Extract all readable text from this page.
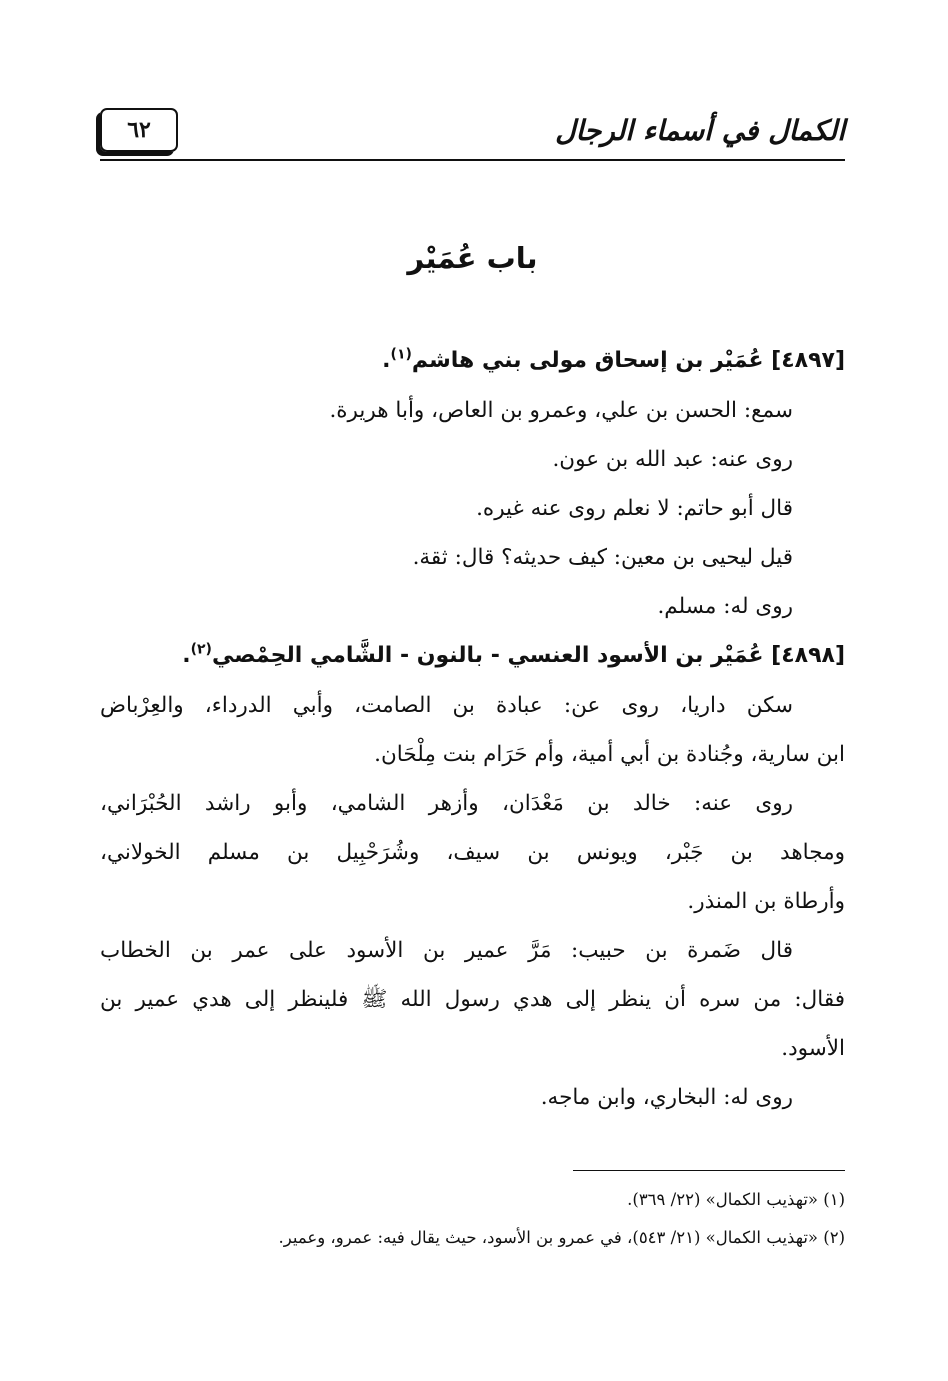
٦٢	الكمال في أسماء الرجال
باب عُمَيْر

[٤٨٩٧] عُمَيْر بن إسحاق مولى بني هاشم$^{(١)}$.

سمع: الحسن بن علي، وعمرو بن العاص، وأبا هريرة.

روى عنه: عبد الله بن عون.

قال أبو حاتم: لا نعلم روى عنه غيره.

قيل ليحيى بن معين: كيف حديثه؟ قال: ثقة.

روى له: مسلم.

[٤٨٩٨] عُمَيْر بن الأسود العنسي - بالنون - الشَّامي الحِمْصي$^{(٢)}$.

سكن داريا، روى عن: عبادة بن الصامت، وأبي الدرداء، والعِرْباض

ابن سارية، وجُنادة بن أبي أمية، وأم حَرَام بنت مِلْحَان.

روى عنه: خالد بن مَعْدَان، وأزهر الشامي، وأبو راشد الحُبْرَاني،

ومجاهد بن جَبْر، ويونس بن سيف، وشُرَحْبِيل بن مسلم الخولاني،

وأرطاة بن المنذر.

قال ضَمرة بن حبيب: مَرَّ عمير بن الأسود على عمر بن الخطاب

فقال: من سره أن ينظر إلى هدي رسول الله ﷺ فلينظر إلى هدي عمير بن

الأسود.

روى له: البخاري، وابن ماجه.

(١) «تهذيب الكمال» (٢٢/ ٣٦٩).

(٢) «تهذيب الكمال» (٢١/ ٥٤٣)، في عمرو بن الأسود، حيث يقال فيه: عمرو، وعمير.
